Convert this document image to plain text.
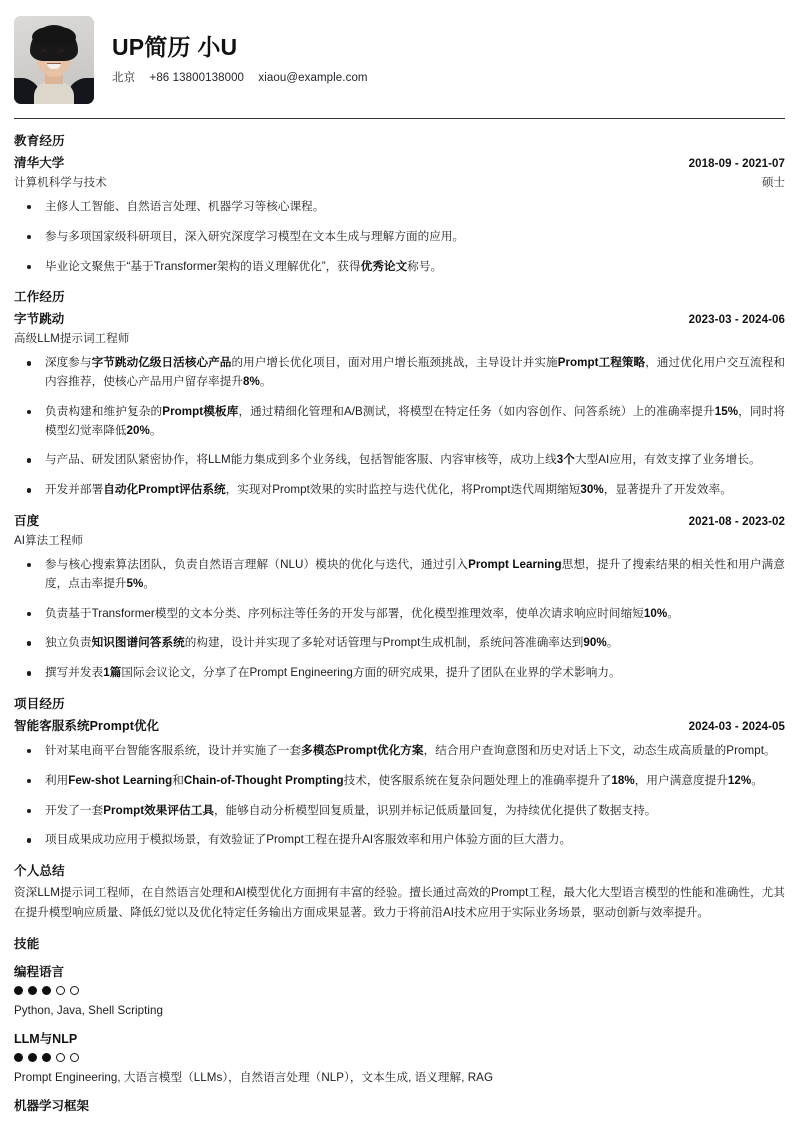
UP简历 小U
北京 +86 13800138000 xiaou@example.com
教育经历
清华大学	2018-09 - 2021-07
计算机科学与技术	硕士
主修人工智能、自然语言处理、机器学习等核心课程。
参与多项国家级科研项目，深入研究深度学习模型在文本生成与理解方面的应用。
毕业论文聚焦于“基于Transformer架构的语义理解优化”，获得优秀论文称号。
工作经历
字节跳动	2023-03 - 2024-06
高级LLM提示词工程师
深度参与字节跳动亿级日活核心产品的用户增长优化项目，面对用户增长瓶颈挑战，主导设计并实施Prompt工程策略，通过优化用户交互流程和内容推荐，使核心产品用户留存率提升8%。
负责构建和维护复杂的Prompt模板库，通过精细化管理和A/B测试，将模型在特定任务（如内容创作、问答系统）上的准确率提升15%，同时将模型幻觉率降低20%。
与产品、研发团队紧密协作，将LLM能力集成到多个业务线，包括智能客服、内容审核等，成功上线3个大型AI应用，有效支撑了业务增长。
开发并部署自动化Prompt评估系统，实现对Prompt效果的实时监控与迭代优化，将Prompt迭代周期缩短30%，显著提升了开发效率。
百度	2021-08 - 2023-02
AI算法工程师
参与核心搜索算法团队，负责自然语言理解（NLU）模块的优化与迭代，通过引入Prompt Learning思想，提升了搜索结果的相关性和用户满意度，点击率提升5%。
负责基于Transformer模型的文本分类、序列标注等任务的开发与部署，优化模型推理效率，使单次请求响应时间缩短10%。
独立负责知识图谱问答系统的构建，设计并实现了多轮对话管理与Prompt生成机制，系统问答准确率达到90%。
撰写并发表1篇国际会议论文，分享了在Prompt Engineering方面的研究成果，提升了团队在业界的学术影响力。
项目经历
智能客服系统Prompt优化	2024-03 - 2024-05
针对某电商平台智能客服系统，设计并实施了一套多模态Prompt优化方案，结合用户查询意图和历史对话上下文，动态生成高质量的Prompt。
利用Few-shot Learning和Chain-of-Thought Prompting技术，使客服系统在复杂问题处理上的准确率提升了18%，用户满意度提升12%。
开发了一套Prompt效果评估工具，能够自动分析模型回复质量，识别并标记低质量回复，为持续优化提供了数据支持。
项目成果成功应用于模拟场景，有效验证了Prompt工程在提升AI客服效率和用户体验方面的巨大潜力。
个人总结
资深LLM提示词工程师，在自然语言处理和AI模型优化方面拥有丰富的经验。擅长通过高效的Prompt工程，最大化大型语言模型的性能和准确性，尤其在提升模型响应质量、降低幻觉以及优化特定任务输出方面成果显著。致力于将前沿AI技术应用于实际业务场景，驱动创新与效率提升。
技能
编程语言
Python, Java, Shell Scripting
LLM与NLP
Prompt Engineering, 大语言模型（LLMs），自然语言处理（NLP），文本生成, 语义理解, RAG
机器学习框架
